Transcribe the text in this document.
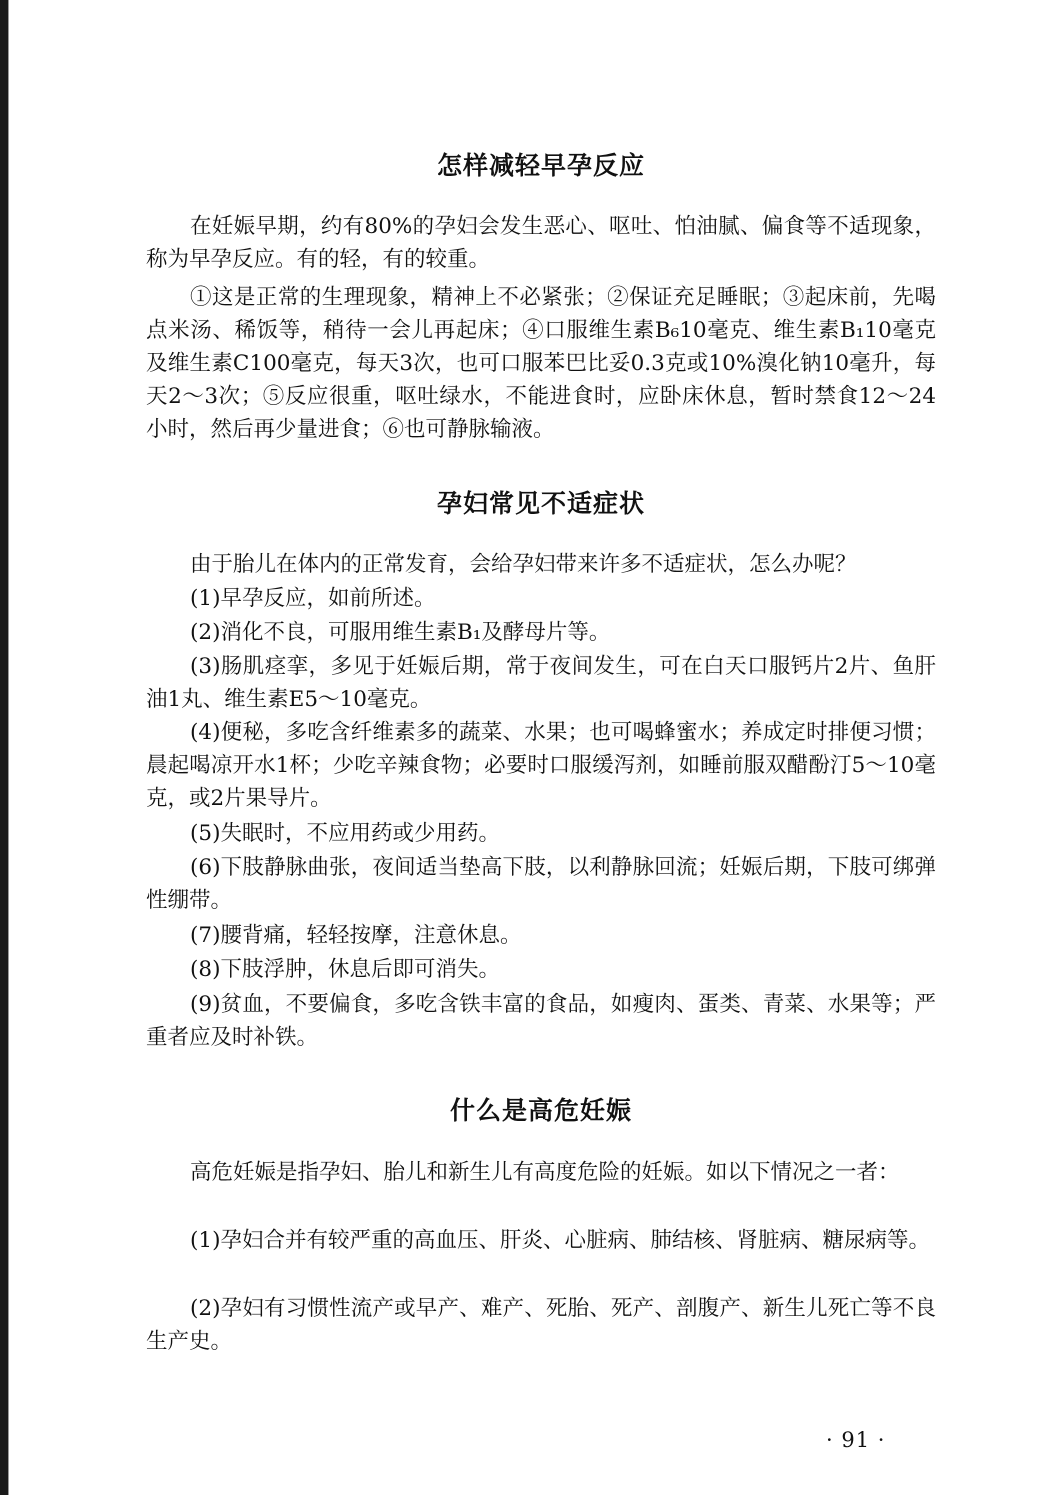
怎样减轻早孕反应

在妊娠早期，约有80%的孕妇会发生恶心、呕吐、怕油腻、偏食等不适现象，称为早孕反应。有的轻，有的较重。

①这是正常的生理现象，精神上不必紧张；②保证充足睡眠；③起床前，先喝点米汤、稀饭等，稍待一会儿再起床；④口服维生素B₆10毫克、维生素B₁10毫克及维生素C100毫克，每天3次，也可口服苯巴比妥0.3克或10%溴化钠10毫升，每天2～3次；⑤反应很重，呕吐绿水，不能进食时，应卧床休息，暂时禁食12～24小时，然后再少量进食；⑥也可静脉输液。

孕妇常见不适症状

由于胎儿在体内的正常发育，会给孕妇带来许多不适症状，怎么办呢？

(1)早孕反应，如前所述。

(2)消化不良，可服用维生素B₁及酵母片等。

(3)肠肌痉挛，多见于妊娠后期，常于夜间发生，可在白天口服钙片2片、鱼肝油1丸、维生素E5～10毫克。

(4)便秘，多吃含纤维素多的蔬菜、水果；也可喝蜂蜜水；养成定时排便习惯；晨起喝凉开水1杯；少吃辛辣食物；必要时口服缓泻剂，如睡前服双醋酚汀5～10毫克，或2片果导片。

(5)失眠时，不应用药或少用药。

(6)下肢静脉曲张，夜间适当垫高下肢，以利静脉回流；妊娠后期，下肢可绑弹性绷带。

(7)腰背痛，轻轻按摩，注意休息。

(8)下肢浮肿，休息后即可消失。

(9)贫血，不要偏食，多吃含铁丰富的食品，如瘦肉、蛋类、青菜、水果等；严重者应及时补铁。

什么是高危妊娠

高危妊娠是指孕妇、胎儿和新生儿有高度危险的妊娠。如以下情况之一者：

(1)孕妇合并有较严重的高血压、肝炎、心脏病、肺结核、肾脏病、糖尿病等。

(2)孕妇有习惯性流产或早产、难产、死胎、死产、剖腹产、新生儿死亡等不良生产史。

· 91 ·
